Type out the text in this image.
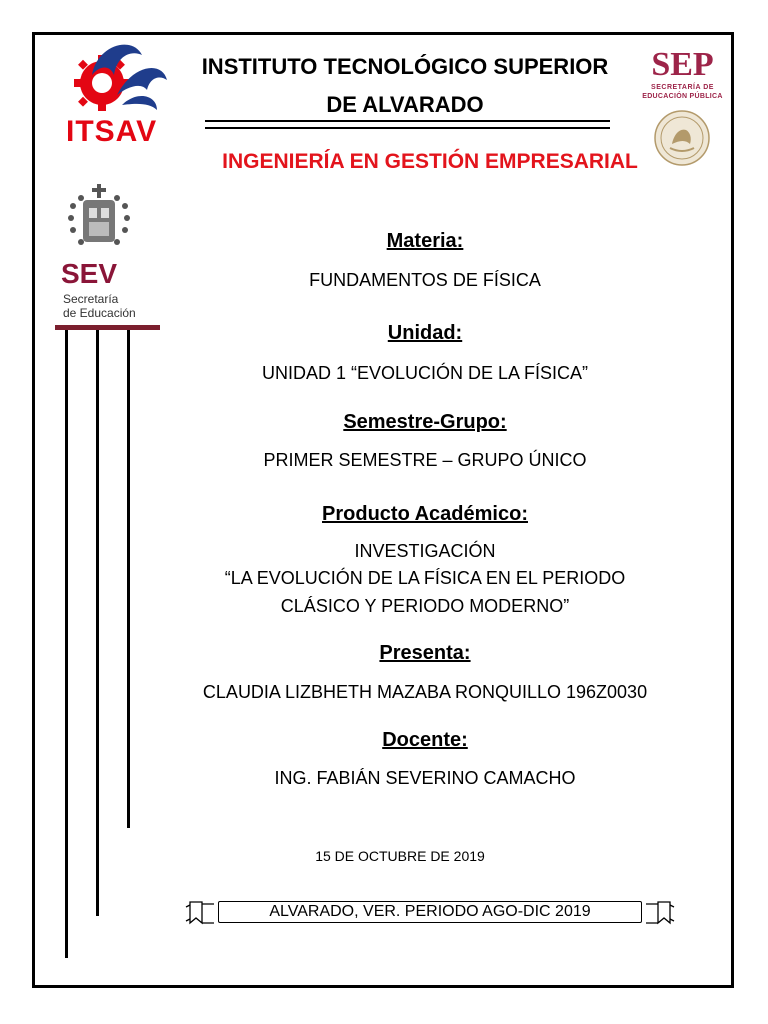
ITSAV
SEP
SECRETARÍA DE
EDUCACIÓN PÚBLICA
SEV
Secretaría
de Educación
INSTITUTO TECNOLÓGICO SUPERIOR
DE ALVARADO
INGENIERÍA EN GESTIÓN EMPRESARIAL
Materia:
FUNDAMENTOS DE FÍSICA
Unidad:
UNIDAD 1 “EVOLUCIÓN DE LA FÍSICA”
Semestre-Grupo:
PRIMER SEMESTRE – GRUPO ÚNICO
Producto Académico:
INVESTIGACIÓN
“LA EVOLUCIÓN DE LA FÍSICA EN EL PERIODO
CLÁSICO Y PERIODO MODERNO”
Presenta:
CLAUDIA LIZBHETH MAZABA RONQUILLO 196Z0030
Docente:
ING. FABIÁN SEVERINO CAMACHO
15 DE OCTUBRE DE 2019
ALVARADO, VER. PERIODO AGO-DIC 2019
